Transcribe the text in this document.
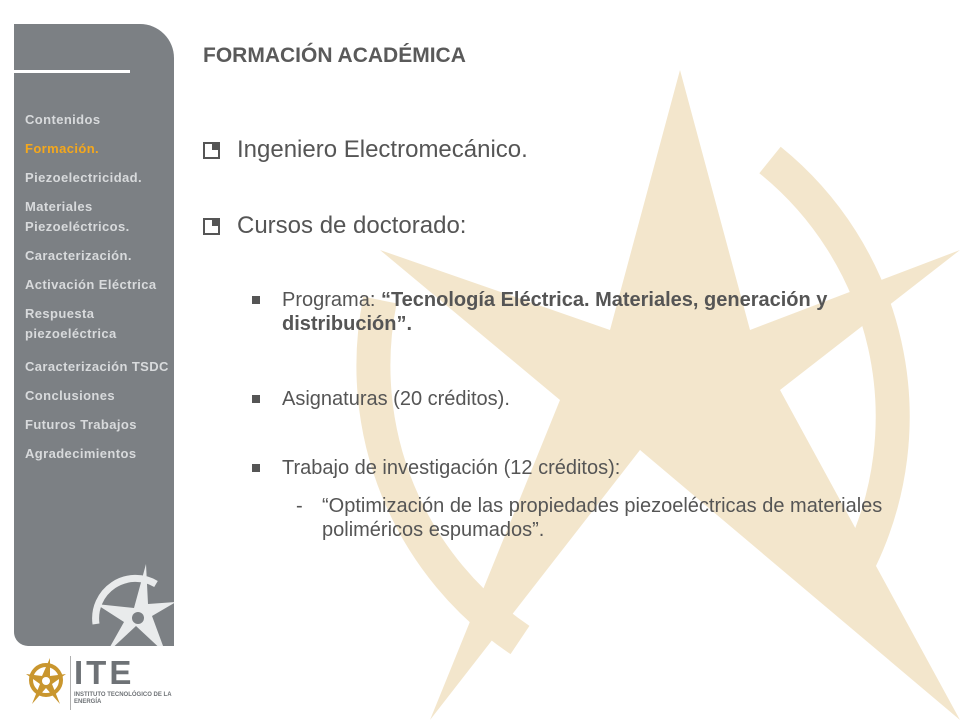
Contenidos
Formación.
Piezoelectricidad.
Materiales Piezoeléctricos.
Caracterización.
Activación Eléctrica
Respuesta piezoeléctrica
Caracterización TSDC
Conclusiones
Futuros Trabajos
Agradecimientos
FORMACIÓN ACADÉMICA
Ingeniero Electromecánico.
Cursos de doctorado:
Programa: “Tecnología Eléctrica. Materiales, generación y distribución”.
Asignaturas (20 créditos).
Trabajo de investigación (12 créditos):
- “Optimización de las propiedades piezoeléctricas de materiales poliméricos espumados”.
ITE
INSTITUTO TECNOLÓGICO DE LA ENERGÍA
